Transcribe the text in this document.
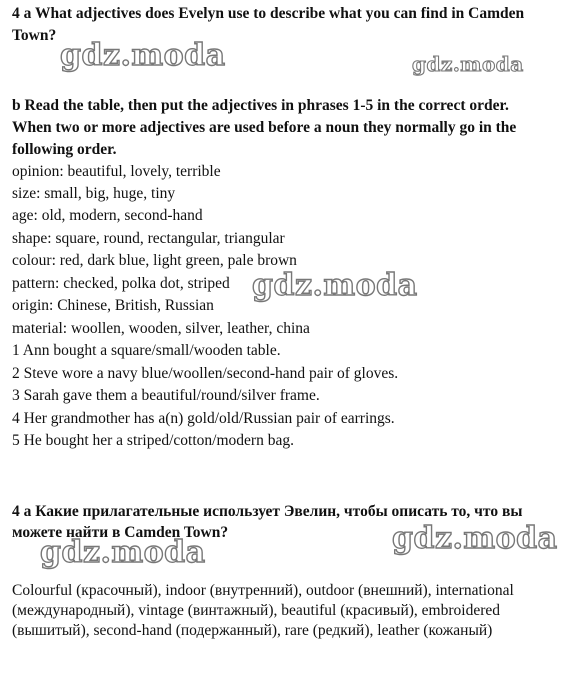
4 a What adjectives does Evelyn use to describe what you can find in Camden
Town?
gdz.moda	gdz.moda
b Read the table, then put the adjectives in phrases 1-5 in the correct order.
When two or more adjectives are used before a noun they normally go in the
following order.
opinion: beautiful, lovely, terrible
size: small, big, huge, tiny
age: old, modern, second-hand
shape: square, round, rectangular, triangular
colour: red, dark blue, light green, pale brown
pattern: checked, polka dot, striped
origin: Chinese, British, Russian
material: woollen, wooden, silver, leather, china
gdz.moda
1 Ann bought a square/small/wooden table.
2 Steve wore a navy blue/woollen/second-hand pair of gloves.
3 Sarah gave them a beautiful/round/silver frame.
4 Her grandmother has a(n) gold/old/Russian pair of earrings.
5 He bought her a striped/cotton/modern bag.
4 a Какие прилагательные использует Эвелин, чтобы описать то, что вы
можете найти в Camden Town?
gdz.moda	gdz.moda
Colourful (красочный), indoor (внутренний), outdoor (внешний), international
(международный), vintage (винтажный), beautiful (красивый), embroidered
(вышитый), second-hand (подержанный), rare (редкий), leather (кожаный)
